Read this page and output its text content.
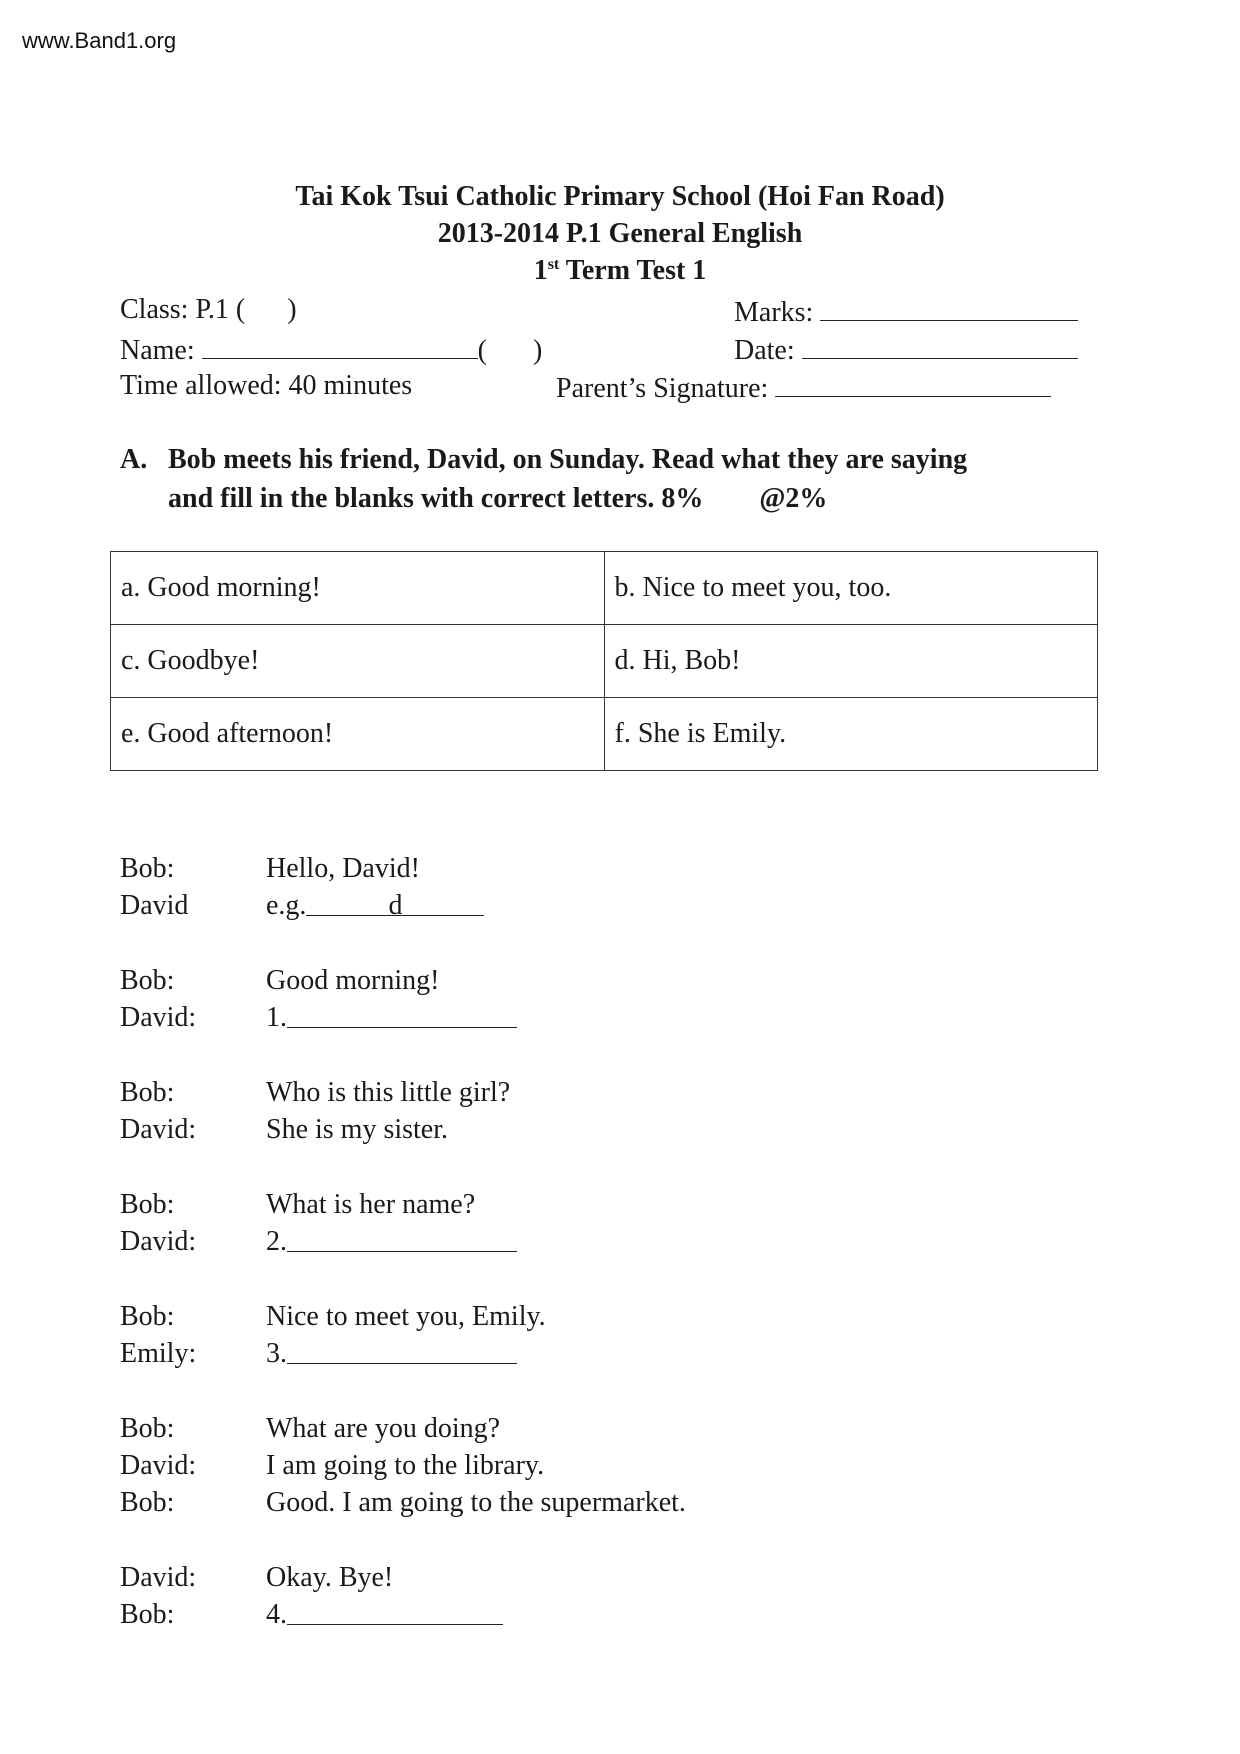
www.Band1.org
Tai Kok Tsui Catholic Primary School (Hoi Fan Road)
2013-2014 P.1 General English
1st Term Test 1
Class: P.1 ( )
Name:	( )
Time allowed: 40 minutes
Marks:
Date:
Parent’s Signature:
A. Bob meets his friend, David, on Sunday. Read what they are saying
and fill in the blanks with correct letters. 8% @2%
a. Good morning!	b. Nice to meet you, too.
c. Goodbye!	d. Hi, Bob!
e. Good afternoon!	f. She is Emily.
Bob:	Hello, David!
David	e.g.	d
Bob:	Good morning!
David:	1.
Bob:	Who is this little girl?
David:	She is my sister.
Bob:	What is her name?
David:	2.
Bob:	Nice to meet you, Emily.
Emily:	3.
Bob:	What are you doing?
David:	I am going to the library.
Bob:	Good. I am going to the supermarket.
David:	Okay. Bye!
Bob:	4.
